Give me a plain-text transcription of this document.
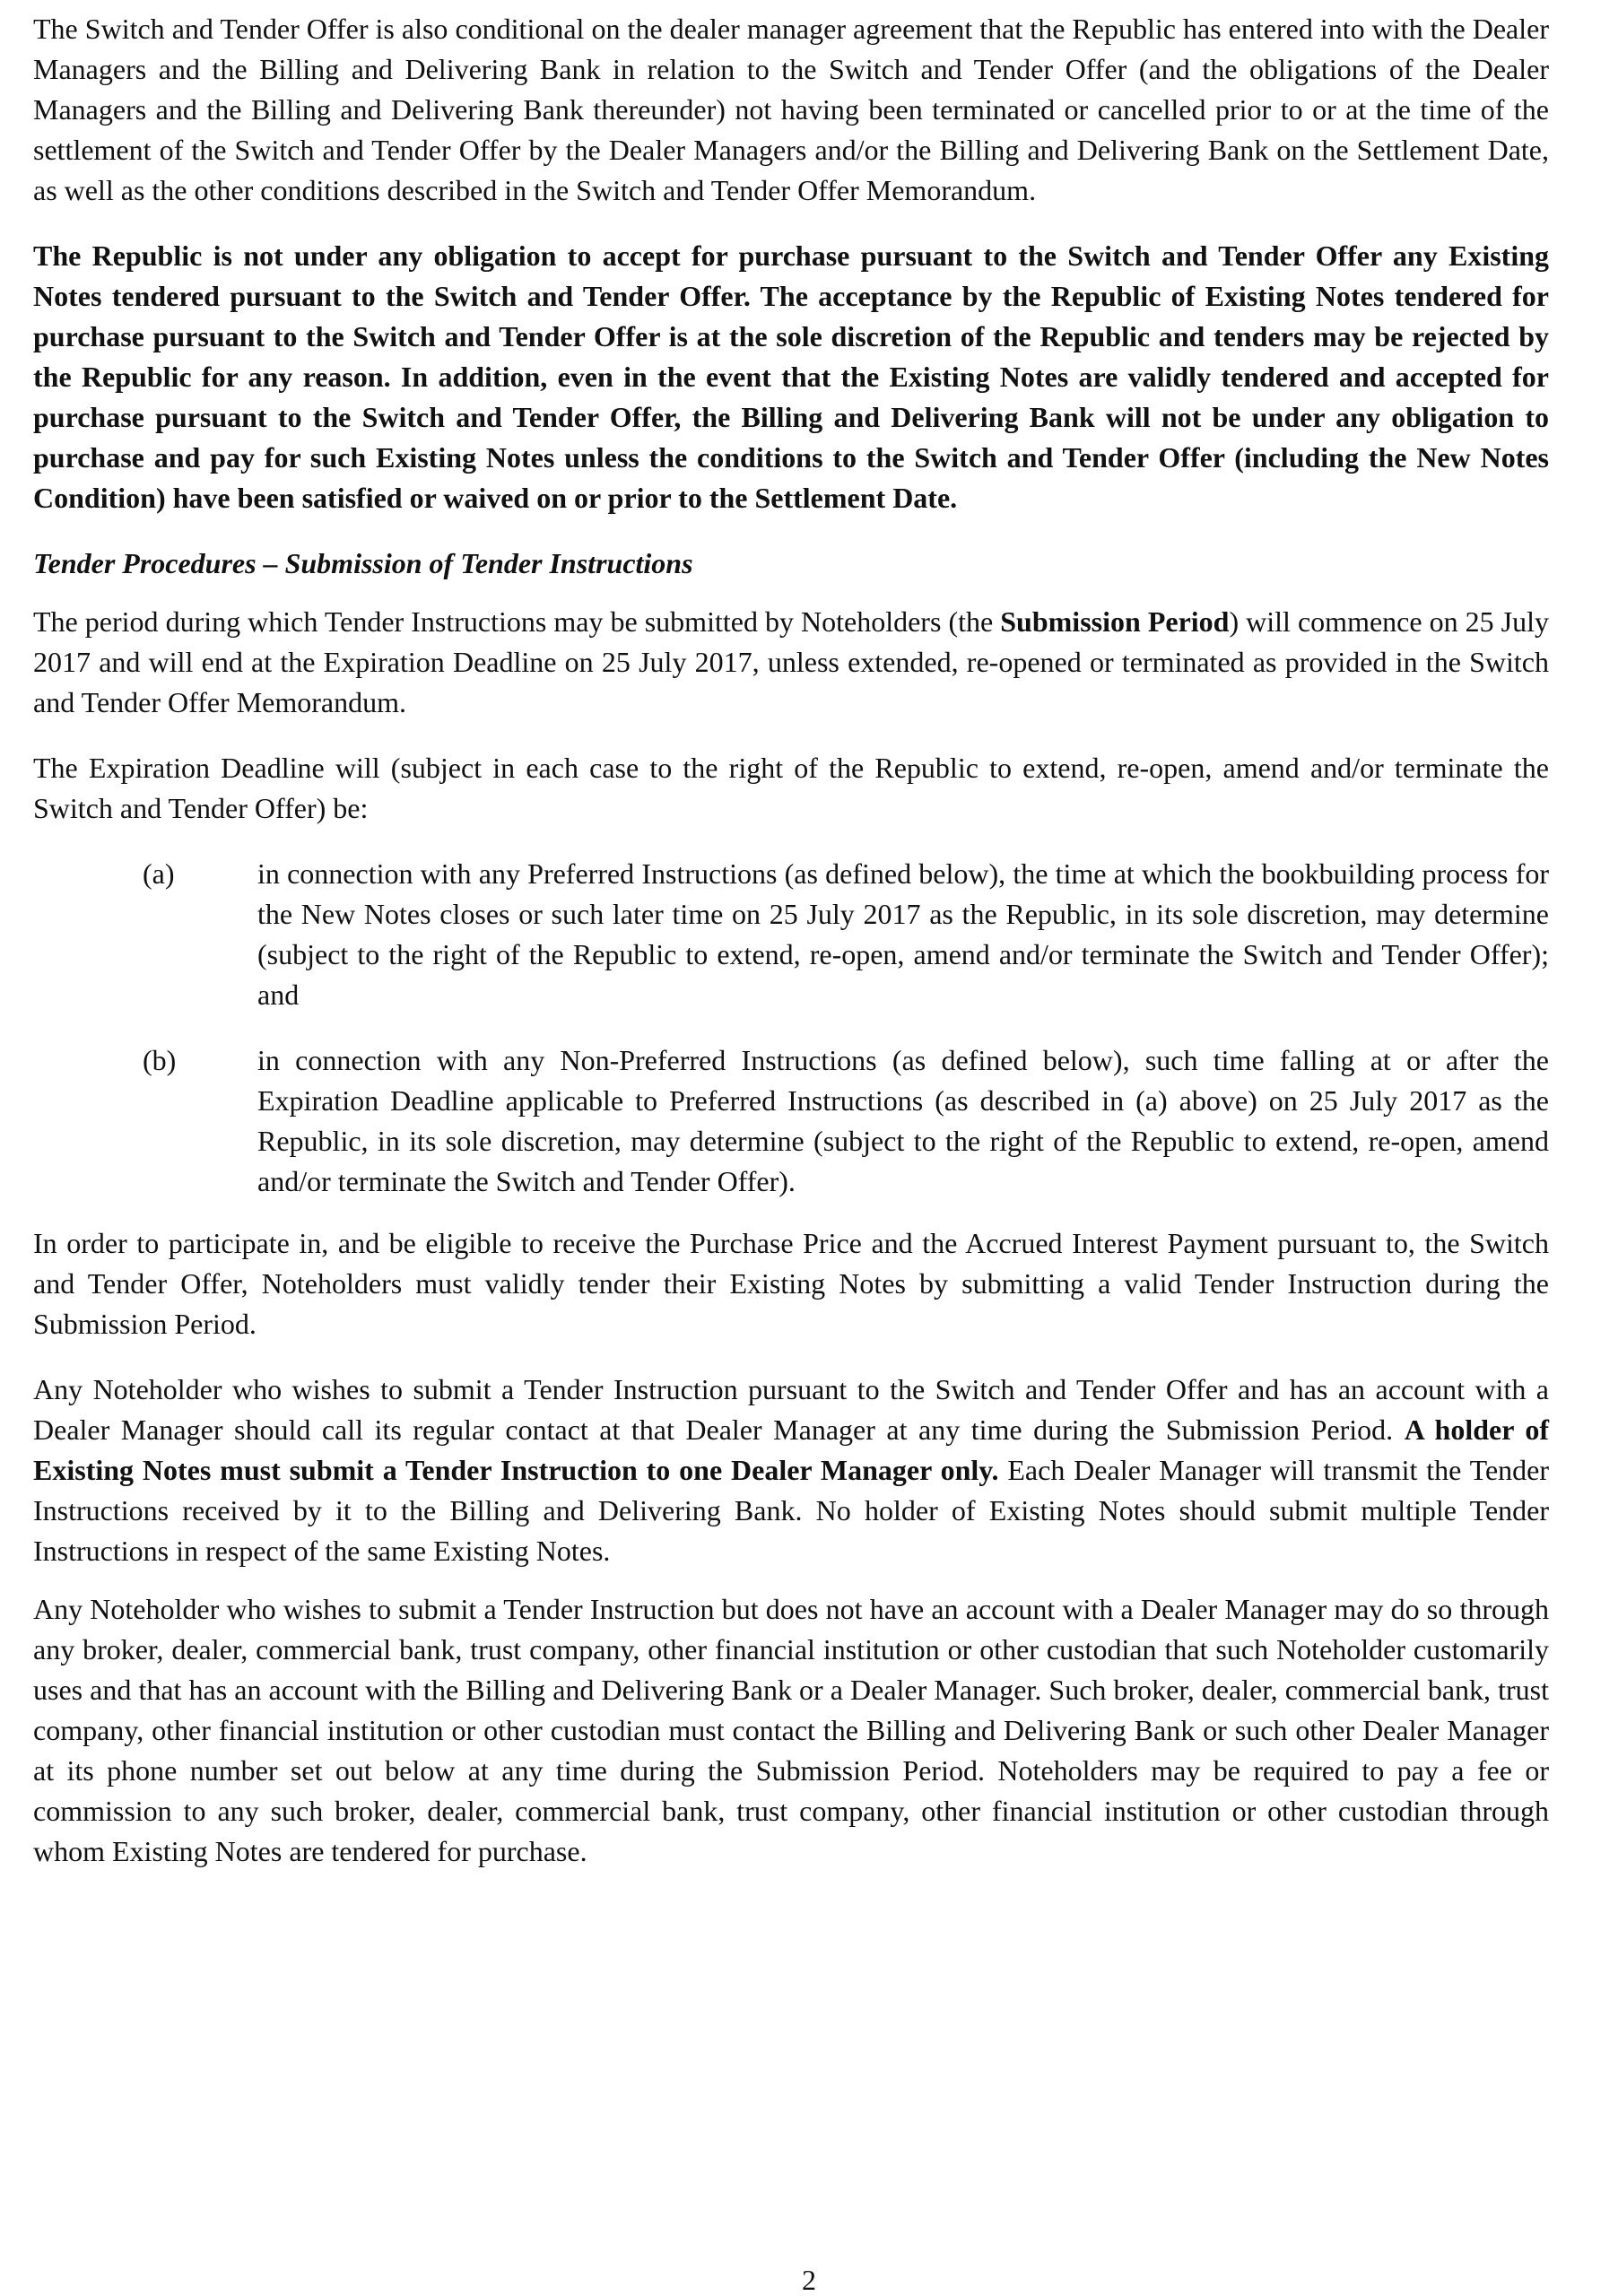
The Switch and Tender Offer is also conditional on the dealer manager agreement that the Republic has entered into with the Dealer Managers and the Billing and Delivering Bank in relation to the Switch and Tender Offer (and the obligations of the Dealer Managers and the Billing and Delivering Bank thereunder) not having been terminated or cancelled prior to or at the time of the settlement of the Switch and Tender Offer by the Dealer Managers and/or the Billing and Delivering Bank on the Settlement Date, as well as the other conditions described in the Switch and Tender Offer Memorandum.

The Republic is not under any obligation to accept for purchase pursuant to the Switch and Tender Offer any Existing Notes tendered pursuant to the Switch and Tender Offer. The acceptance by the Republic of Existing Notes tendered for purchase pursuant to the Switch and Tender Offer is at the sole discretion of the Republic and tenders may be rejected by the Republic for any reason. In addition, even in the event that the Existing Notes are validly tendered and accepted for purchase pursuant to the Switch and Tender Offer, the Billing and Delivering Bank will not be under any obligation to purchase and pay for such Existing Notes unless the conditions to the Switch and Tender Offer (including the New Notes Condition) have been satisfied or waived on or prior to the Settlement Date.

Tender Procedures – Submission of Tender Instructions

The period during which Tender Instructions may be submitted by Noteholders (the Submission Period) will commence on 25 July 2017 and will end at the Expiration Deadline on 25 July 2017, unless extended, re-opened or terminated as provided in the Switch and Tender Offer Memorandum.

The Expiration Deadline will (subject in each case to the right of the Republic to extend, re-open, amend and/or terminate the Switch and Tender Offer) be:

(a)	in connection with any Preferred Instructions (as defined below), the time at which the bookbuilding process for the New Notes closes or such later time on 25 July 2017 as the Republic, in its sole discretion, may determine (subject to the right of the Republic to extend, re-open, amend and/or terminate the Switch and Tender Offer); and
(b)	in connection with any Non-Preferred Instructions (as defined below), such time falling at or after the Expiration Deadline applicable to Preferred Instructions (as described in (a) above) on 25 July 2017 as the Republic, in its sole discretion, may determine (subject to the right of the Republic to extend, re-open, amend and/or terminate the Switch and Tender Offer).

In order to participate in, and be eligible to receive the Purchase Price and the Accrued Interest Payment pursuant to, the Switch and Tender Offer, Noteholders must validly tender their Existing Notes by submitting a valid Tender Instruction during the Submission Period.

Any Noteholder who wishes to submit a Tender Instruction pursuant to the Switch and Tender Offer and has an account with a Dealer Manager should call its regular contact at that Dealer Manager at any time during the Submission Period. A holder of Existing Notes must submit a Tender Instruction to one Dealer Manager only. Each Dealer Manager will transmit the Tender Instructions received by it to the Billing and Delivering Bank. No holder of Existing Notes should submit multiple Tender Instructions in respect of the same Existing Notes.

Any Noteholder who wishes to submit a Tender Instruction but does not have an account with a Dealer Manager may do so through any broker, dealer, commercial bank, trust company, other financial institution or other custodian that such Noteholder customarily uses and that has an account with the Billing and Delivering Bank or a Dealer Manager. Such broker, dealer, commercial bank, trust company, other financial institution or other custodian must contact the Billing and Delivering Bank or such other Dealer Manager at its phone number set out below at any time during the Submission Period. Noteholders may be required to pay a fee or commission to any such broker, dealer, commercial bank, trust company, other financial institution or other custodian through whom Existing Notes are tendered for purchase.

2
